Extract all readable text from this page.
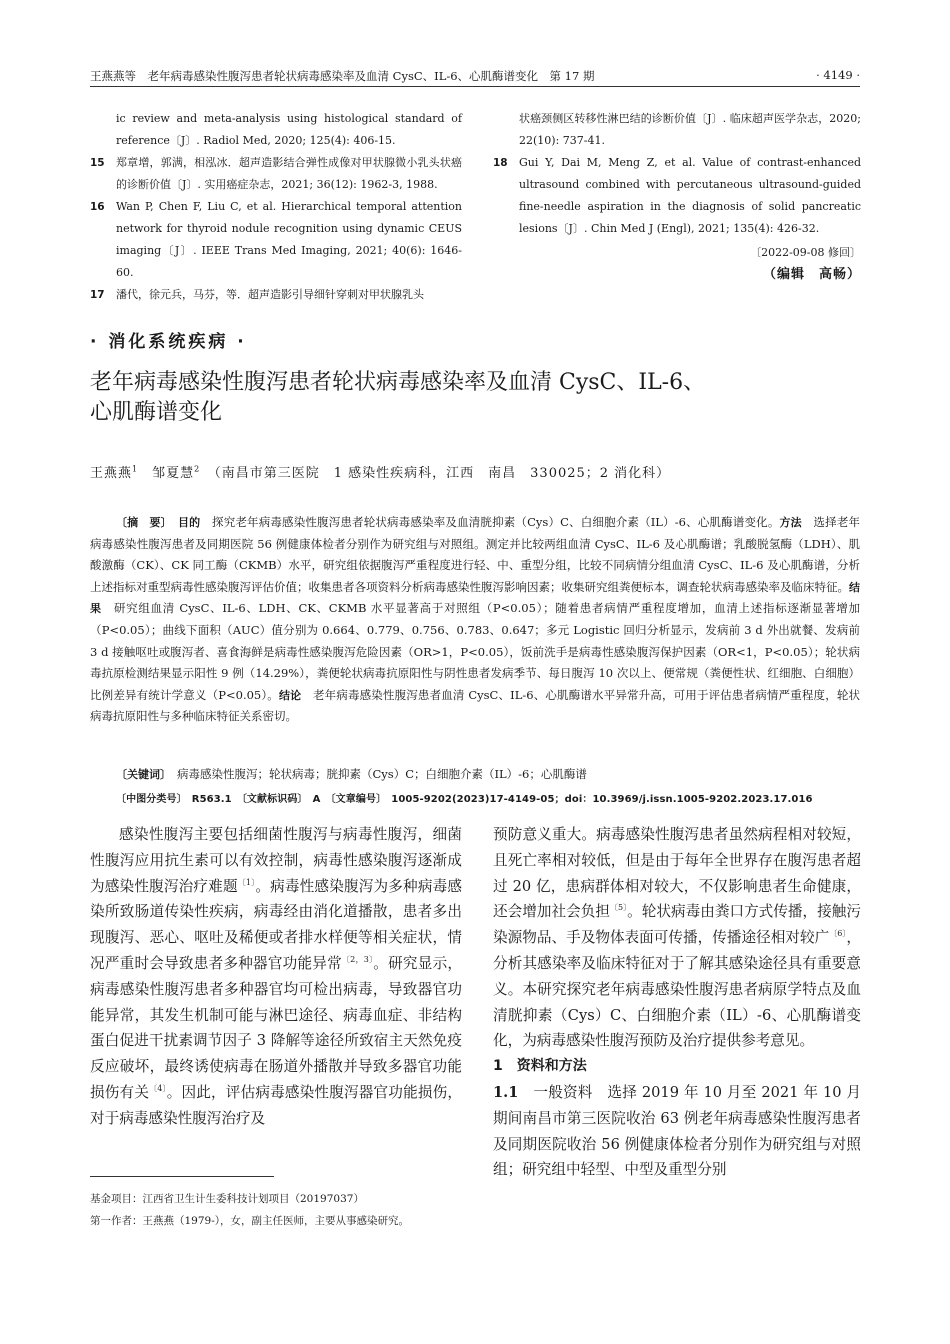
王燕燕等　老年病毒感染性腹泻患者轮状病毒感染率及血清 CysC、IL-6、心肌酶谱变化　第 17 期	· 4149 ·
ic review and meta-analysis using histological standard of reference〔J〕. Radiol Med, 2020; 125(4): 406-15.
15 郑章增，郭满，相泓冰．超声造影结合弹性成像对甲状腺微小乳头状癌的诊断价值〔J〕. 实用癌症杂志，2021; 36(12): 1962-3, 1988.
16 Wan P, Chen F, Liu C, et al. Hierarchical temporal attention network for thyroid nodule recognition using dynamic CEUS imaging〔J〕. IEEE Trans Med Imaging, 2021; 40(6): 1646-60.
17 潘代，徐元兵，马芬，等．超声造影引导细针穿刺对甲状腺乳头
状癌颈侧区转移性淋巴结的诊断价值〔J〕. 临床超声医学杂志，2020; 22(10): 737-41.
18 Gui Y, Dai M, Meng Z, et al. Value of contrast-enhanced ultrasound combined with percutaneous ultrasound-guided fine-needle aspiration in the diagnosis of solid pancreatic lesions〔J〕. Chin Med J (Engl), 2021; 135(4): 426-32.
〔2022-09-08 修回〕
（编辑　高畅）
· 消化系统疾病 ·
老年病毒感染性腹泻患者轮状病毒感染率及血清 CysC、IL-6、
心肌酶谱变化
王燕燕$^1$　 邹夏慧$^2$　 （南昌市第三医院　1 感染性疾病科，江西　南昌　330025；2 消化科）
〔摘　要〕　 目的　 探究老年病毒感染性腹泻患者轮状病毒感染率及血清胱抑素（Cys）C、白细胞介素（IL）-6、心肌酶谱变化。方法　 选择老年病毒感染性腹泻患者及同期医院 56 例健康体检者分别作为研究组与对照组。测定并比较两组血清 CysC、IL-6 及心肌酶谱；乳酸脱氢酶（LDH）、肌酸激酶（CK）、CK 同工酶（CKMB）水平，研究组依据腹泻严重程度进行轻、中、重型分组，比较不同病情分组血清 CysC、IL-6 及心肌酶谱，分析上述指标对重型病毒性感染腹泻评估价值；收集患者各项资料分析病毒感染性腹泻影响因素；收集研究组粪便标本，调查轮状病毒感染率及临床特征。结果　 研究组血清 CysC、IL-6、LDH、CK、CKMB 水平显著高于对照组（P<0.05）；随着患者病情严重程度增加，血清上述指标逐渐显著增加（P<0.05）；曲线下面积（AUC）值分别为 0.664、0.779、0.756、0.783、0.647；多元 Logistic 回归分析显示，发病前 3 d 外出就餐、发病前 3 d 接触呕吐或腹泻者、喜食海鲜是病毒性感染腹泻危险因素（OR>1，P<0.05），饭前洗手是病毒性感染腹泻保护因素（OR<1，P<0.05）；轮状病毒抗原检测结果显示阳性 9 例（14.29%），粪便轮状病毒抗原阳性与阴性患者发病季节、每日腹泻 10 次以上、便常规（粪便性状、红细胞、白细胞）比例差异有统计学意义（P<0.05）。结论　 老年病毒感染性腹泻患者血清 CysC、IL-6、心肌酶谱水平异常升高，可用于评估患者病情严重程度，轮状病毒抗原阳性与多种临床特征关系密切。
〔关键词〕　 病毒感染性腹泻；轮状病毒；胱抑素（Cys）C；白细胞介素（IL）-6；心肌酶谱
〔中图分类号〕　R563.1　〔文献标识码〕　A　〔文章编号〕　1005-9202(2023)17-4149-05；doi：10.3969/j.issn.1005-9202.2023.17.016

感染性腹泻主要包括细菌性腹泻与病毒性腹泻，细菌性腹泻应用抗生素可以有效控制，病毒性感染腹泻逐渐成为感染性腹泻治疗难题$^{〔1〕}$。病毒性感染腹泻为多种病毒感染所致肠道传染性疾病，病毒经由消化道播散，患者多出现腹泻、恶心、呕吐及稀便或者排水样便等相关症状，情况严重时会导致患者多种器官功能异常$^{〔2,3〕}$。研究显示，病毒感染性腹泻患者多种器官均可检出病毒，导致器官功能异常，其发生机制可能与淋巴途径、病毒血症、非结构蛋白促进干扰素调节因子 3 降解等途径所致宿主天然免疫反应破坏，最终诱使病毒在肠道外播散并导致多器官功能损伤有关$^{〔4〕}$。因此，评估病毒感染性腹泻器官功能损伤，对于病毒感染性腹泻治疗及

预防意义重大。病毒感染性腹泻患者虽然病程相对较短，且死亡率相对较低，但是由于每年全世界存在腹泻患者超过 20 亿，患病群体相对较大，不仅影响患者生命健康，还会增加社会负担$^{〔5〕}$。轮状病毒由粪口方式传播，接触污染源物品、手及物体表面可传播，传播途径相对较广$^{〔6〕}$，分析其感染率及临床特征对于了解其感染途径具有重要意义。本研究探究老年病毒感染性腹泻患者病原学特点及血清胱抑素（Cys）C、白细胞介素（IL）-6、心肌酶谱变化，为病毒感染性腹泻预防及治疗提供参考意见。

1　资料和方法

1.1　一般资料　选择 2019 年 10 月至 2021 年 10 月期间南昌市第三医院收治 63 例老年病毒感染性腹泻患者及同期医院收治 56 例健康体检者分别作为研究组与对照组；研究组中轻型、中型及重型分别

基金项目：江西省卫生计生委科技计划项目（20197037）
第一作者：王燕燕（1979-），女，副主任医师，主要从事感染研究。
